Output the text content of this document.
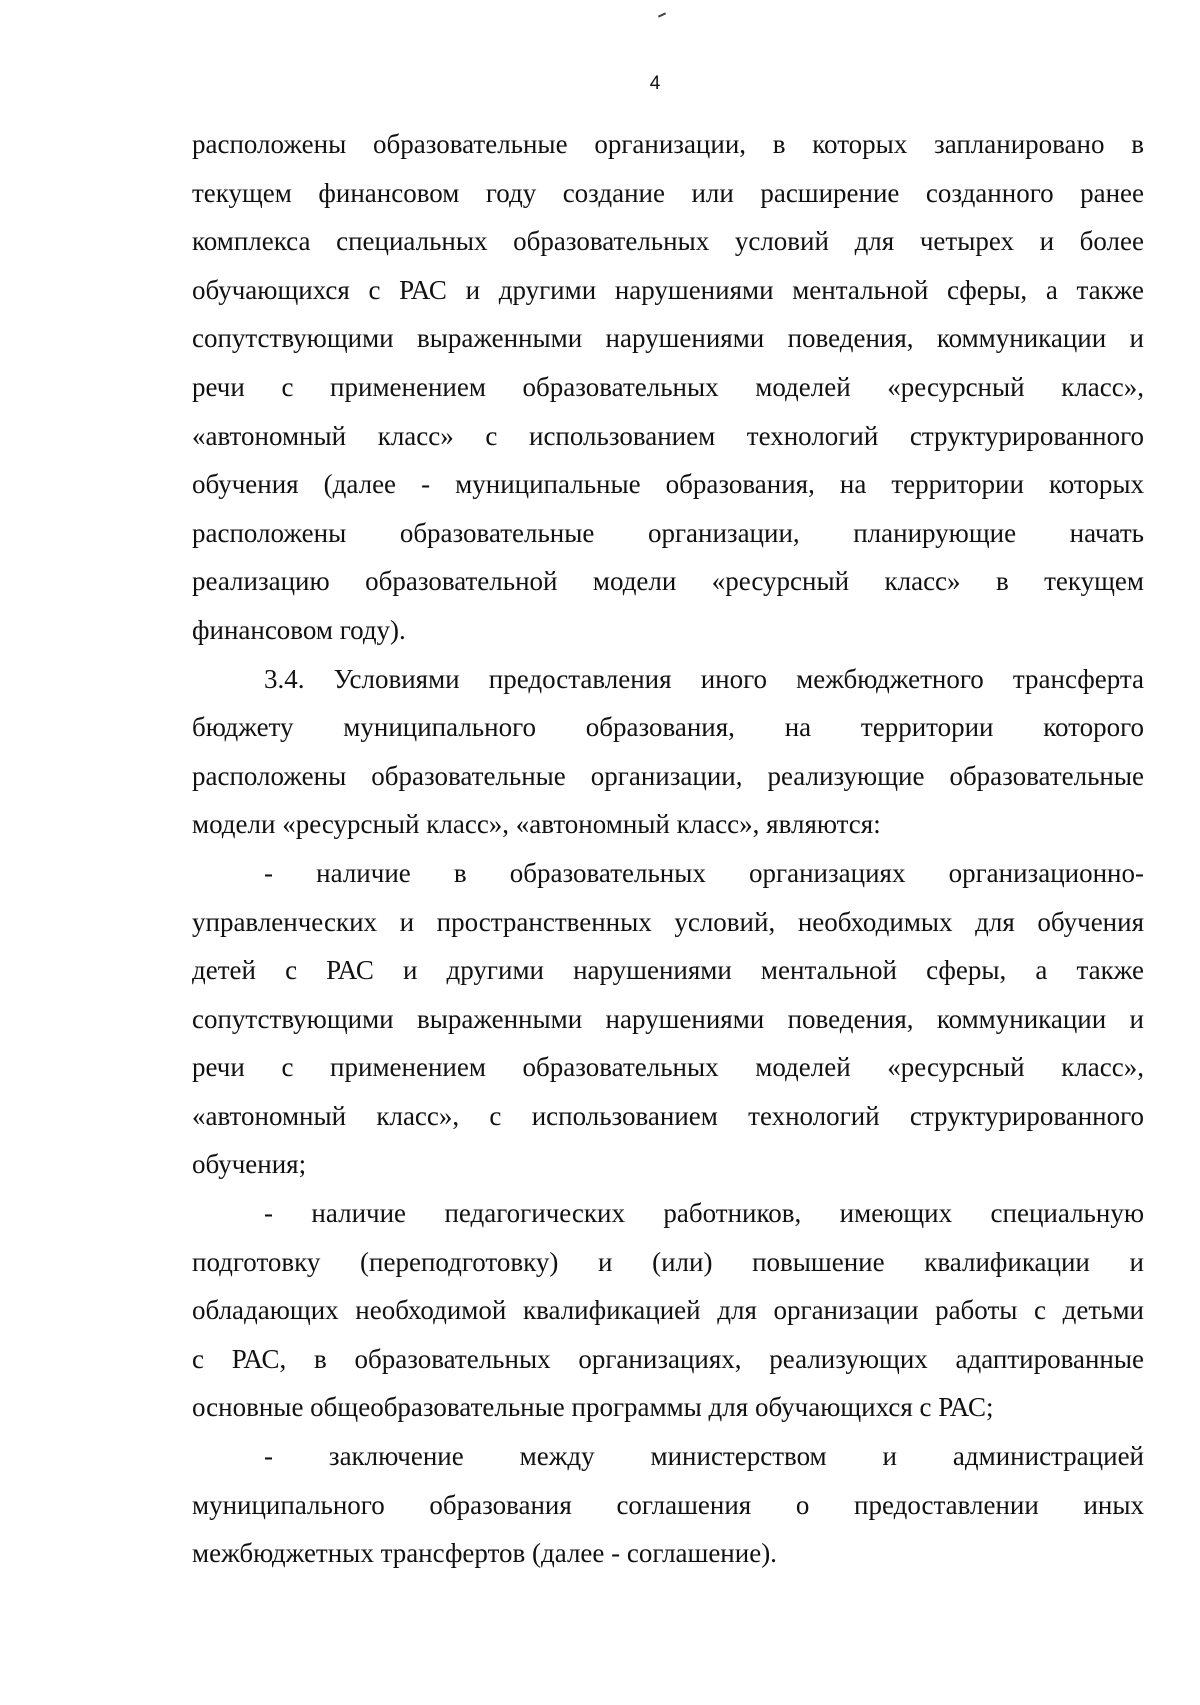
4

расположены образовательные организации, в которых запланировано в
текущем финансовом году создание или расширение созданного ранее
комплекса специальных образовательных условий для четырех и более
обучающихся с РАС и другими нарушениями ментальной сферы, а также
сопутствующими выраженными нарушениями поведения, коммуникации и
речи с применением образовательных моделей «ресурсный класс»,
«автономный класс» с использованием технологий структурированного
обучения (далее - муниципальные образования, на территории которых
расположены образовательные организации, планирующие начать
реализацию образовательной модели «ресурсный класс» в текущем
финансовом году).

3.4. Условиями предоставления иного межбюджетного трансферта
бюджету муниципального образования, на территории которого
расположены образовательные организации, реализующие образовательные
модели «ресурсный класс», «автономный класс», являются:

- наличие в образовательных организациях организационно-
управленческих и пространственных условий, необходимых для обучения
детей с РАС и другими нарушениями ментальной сферы, а также
сопутствующими выраженными нарушениями поведения, коммуникации и
речи с применением образовательных моделей «ресурсный класс»,
«автономный класс», с использованием технологий структурированного
обучения;

- наличие педагогических работников, имеющих специальную
подготовку (переподготовку) и (или) повышение квалификации и
обладающих необходимой квалификацией для организации работы с детьми
с РАС, в образовательных организациях, реализующих адаптированные
основные общеобразовательные программы для обучающихся с РАС;

- заключение между министерством и администрацией
муниципального образования соглашения о предоставлении иных
межбюджетных трансфертов (далее - соглашение).
